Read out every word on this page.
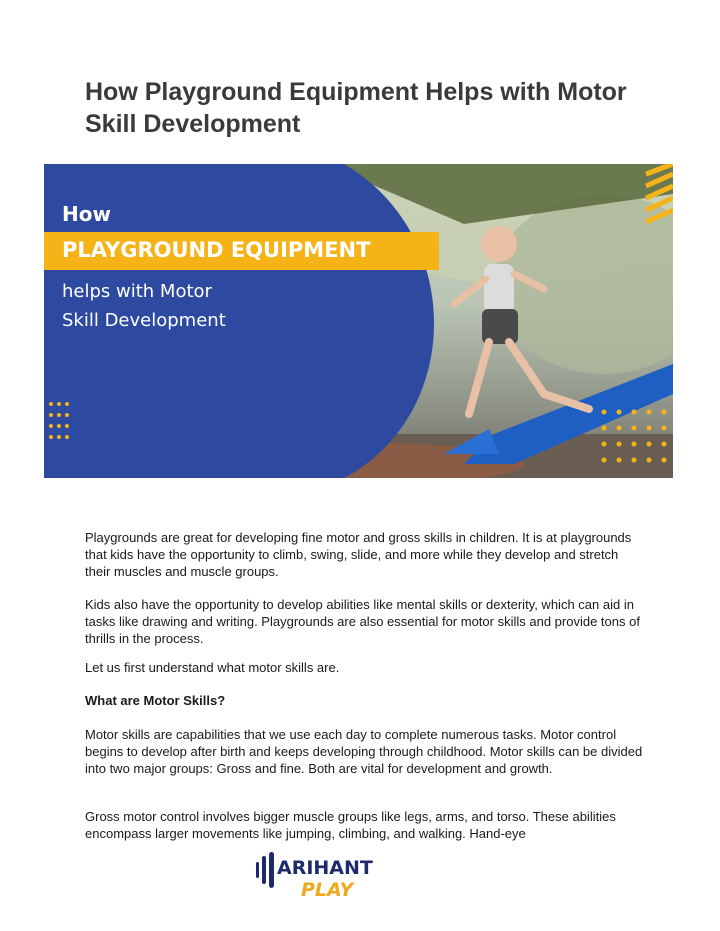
How Playground Equipment Helps with Motor Skill Development
How
PLAYGROUND EQUIPMENT
helps with Motor
Skill Development

Playgrounds are great for developing fine motor and gross skills in children. It is at playgrounds that kids have the opportunity to climb, swing, slide, and more while they develop and stretch their muscles and muscle groups.

Kids also have the opportunity to develop abilities like mental skills or dexterity, which can aid in tasks like drawing and writing. Playgrounds are also essential for motor skills and provide tons of thrills in the process.

Let us first understand what motor skills are.

What are Motor Skills?

Motor skills are capabilities that we use each day to complete numerous tasks. Motor control begins to develop after birth and keeps developing through childhood. Motor skills can be divided into two major groups: Gross and fine. Both are vital for development and growth.

Gross motor control involves bigger muscle groups like legs, arms, and torso. These abilities encompass larger movements like jumping, climbing, and walking. Hand-eye

ARIHANT
PLAY
